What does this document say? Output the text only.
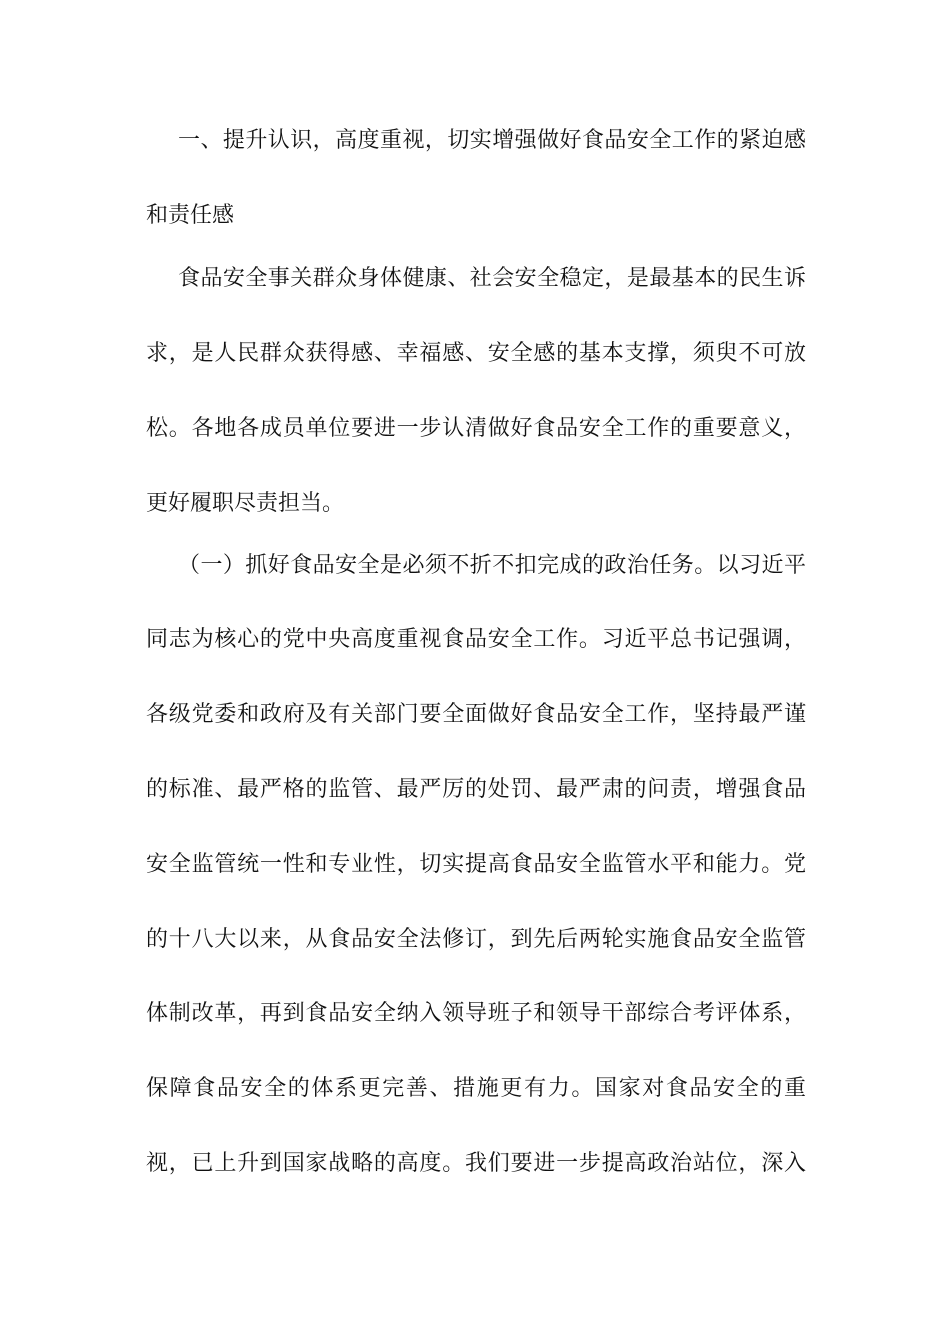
一、提升认识，高度重视，切实增强做好食品安全工作的紧迫感

和责任感

食品安全事关群众身体健康、社会安全稳定，是最基本的民生诉

求，是人民群众获得感、幸福感、安全感的基本支撑，须臾不可放

松。各地各成员单位要进一步认清做好食品安全工作的重要意义，

更好履职尽责担当。

（一）抓好食品安全是必须不折不扣完成的政治任务。以习近平

同志为核心的党中央高度重视食品安全工作。习近平总书记强调，

各级党委和政府及有关部门要全面做好食品安全工作，坚持最严谨

的标准、最严格的监管、最严厉的处罚、最严肃的问责，增强食品

安全监管统一性和专业性，切实提高食品安全监管水平和能力。党

的十八大以来，从食品安全法修订，到先后两轮实施食品安全监管

体制改革，再到食品安全纳入领导班子和领导干部综合考评体系，

保障食品安全的体系更完善、措施更有力。国家对食品安全的重

视，已上升到国家战略的高度。我们要进一步提高政治站位，深入
